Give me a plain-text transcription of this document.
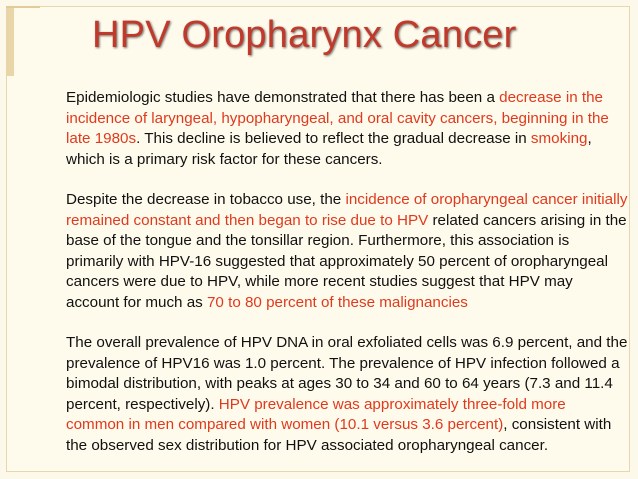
HPV Oropharynx Cancer

Epidemiologic studies have demonstrated that there has been a decrease in the incidence of laryngeal, hypopharyngeal, and oral cavity cancers, beginning in the late 1980s. This decline is believed to reflect the gradual decrease in smoking, which is a primary risk factor for these cancers.

Despite the decrease in tobacco use, the incidence of oropharyngeal cancer initially remained constant and then began to rise due to HPV related cancers arising in the base of the tongue and the tonsillar region. Furthermore, this association is primarily with HPV-16 suggested that approximately 50 percent of oropharyngeal cancers were due to HPV, while more recent studies suggest that HPV may account for much as 70 to 80 percent of these malignancies

The overall prevalence of HPV DNA in oral exfoliated cells was 6.9 percent, and the prevalence of HPV16 was 1.0 percent. The prevalence of HPV infection followed a bimodal distribution, with peaks at ages 30 to 34 and 60 to 64 years (7.3 and 11.4 percent, respectively). HPV prevalence was approximately three-fold more common in men compared with women (10.1 versus 3.6 percent), consistent with the observed sex distribution for HPV associated oropharyngeal cancer.
